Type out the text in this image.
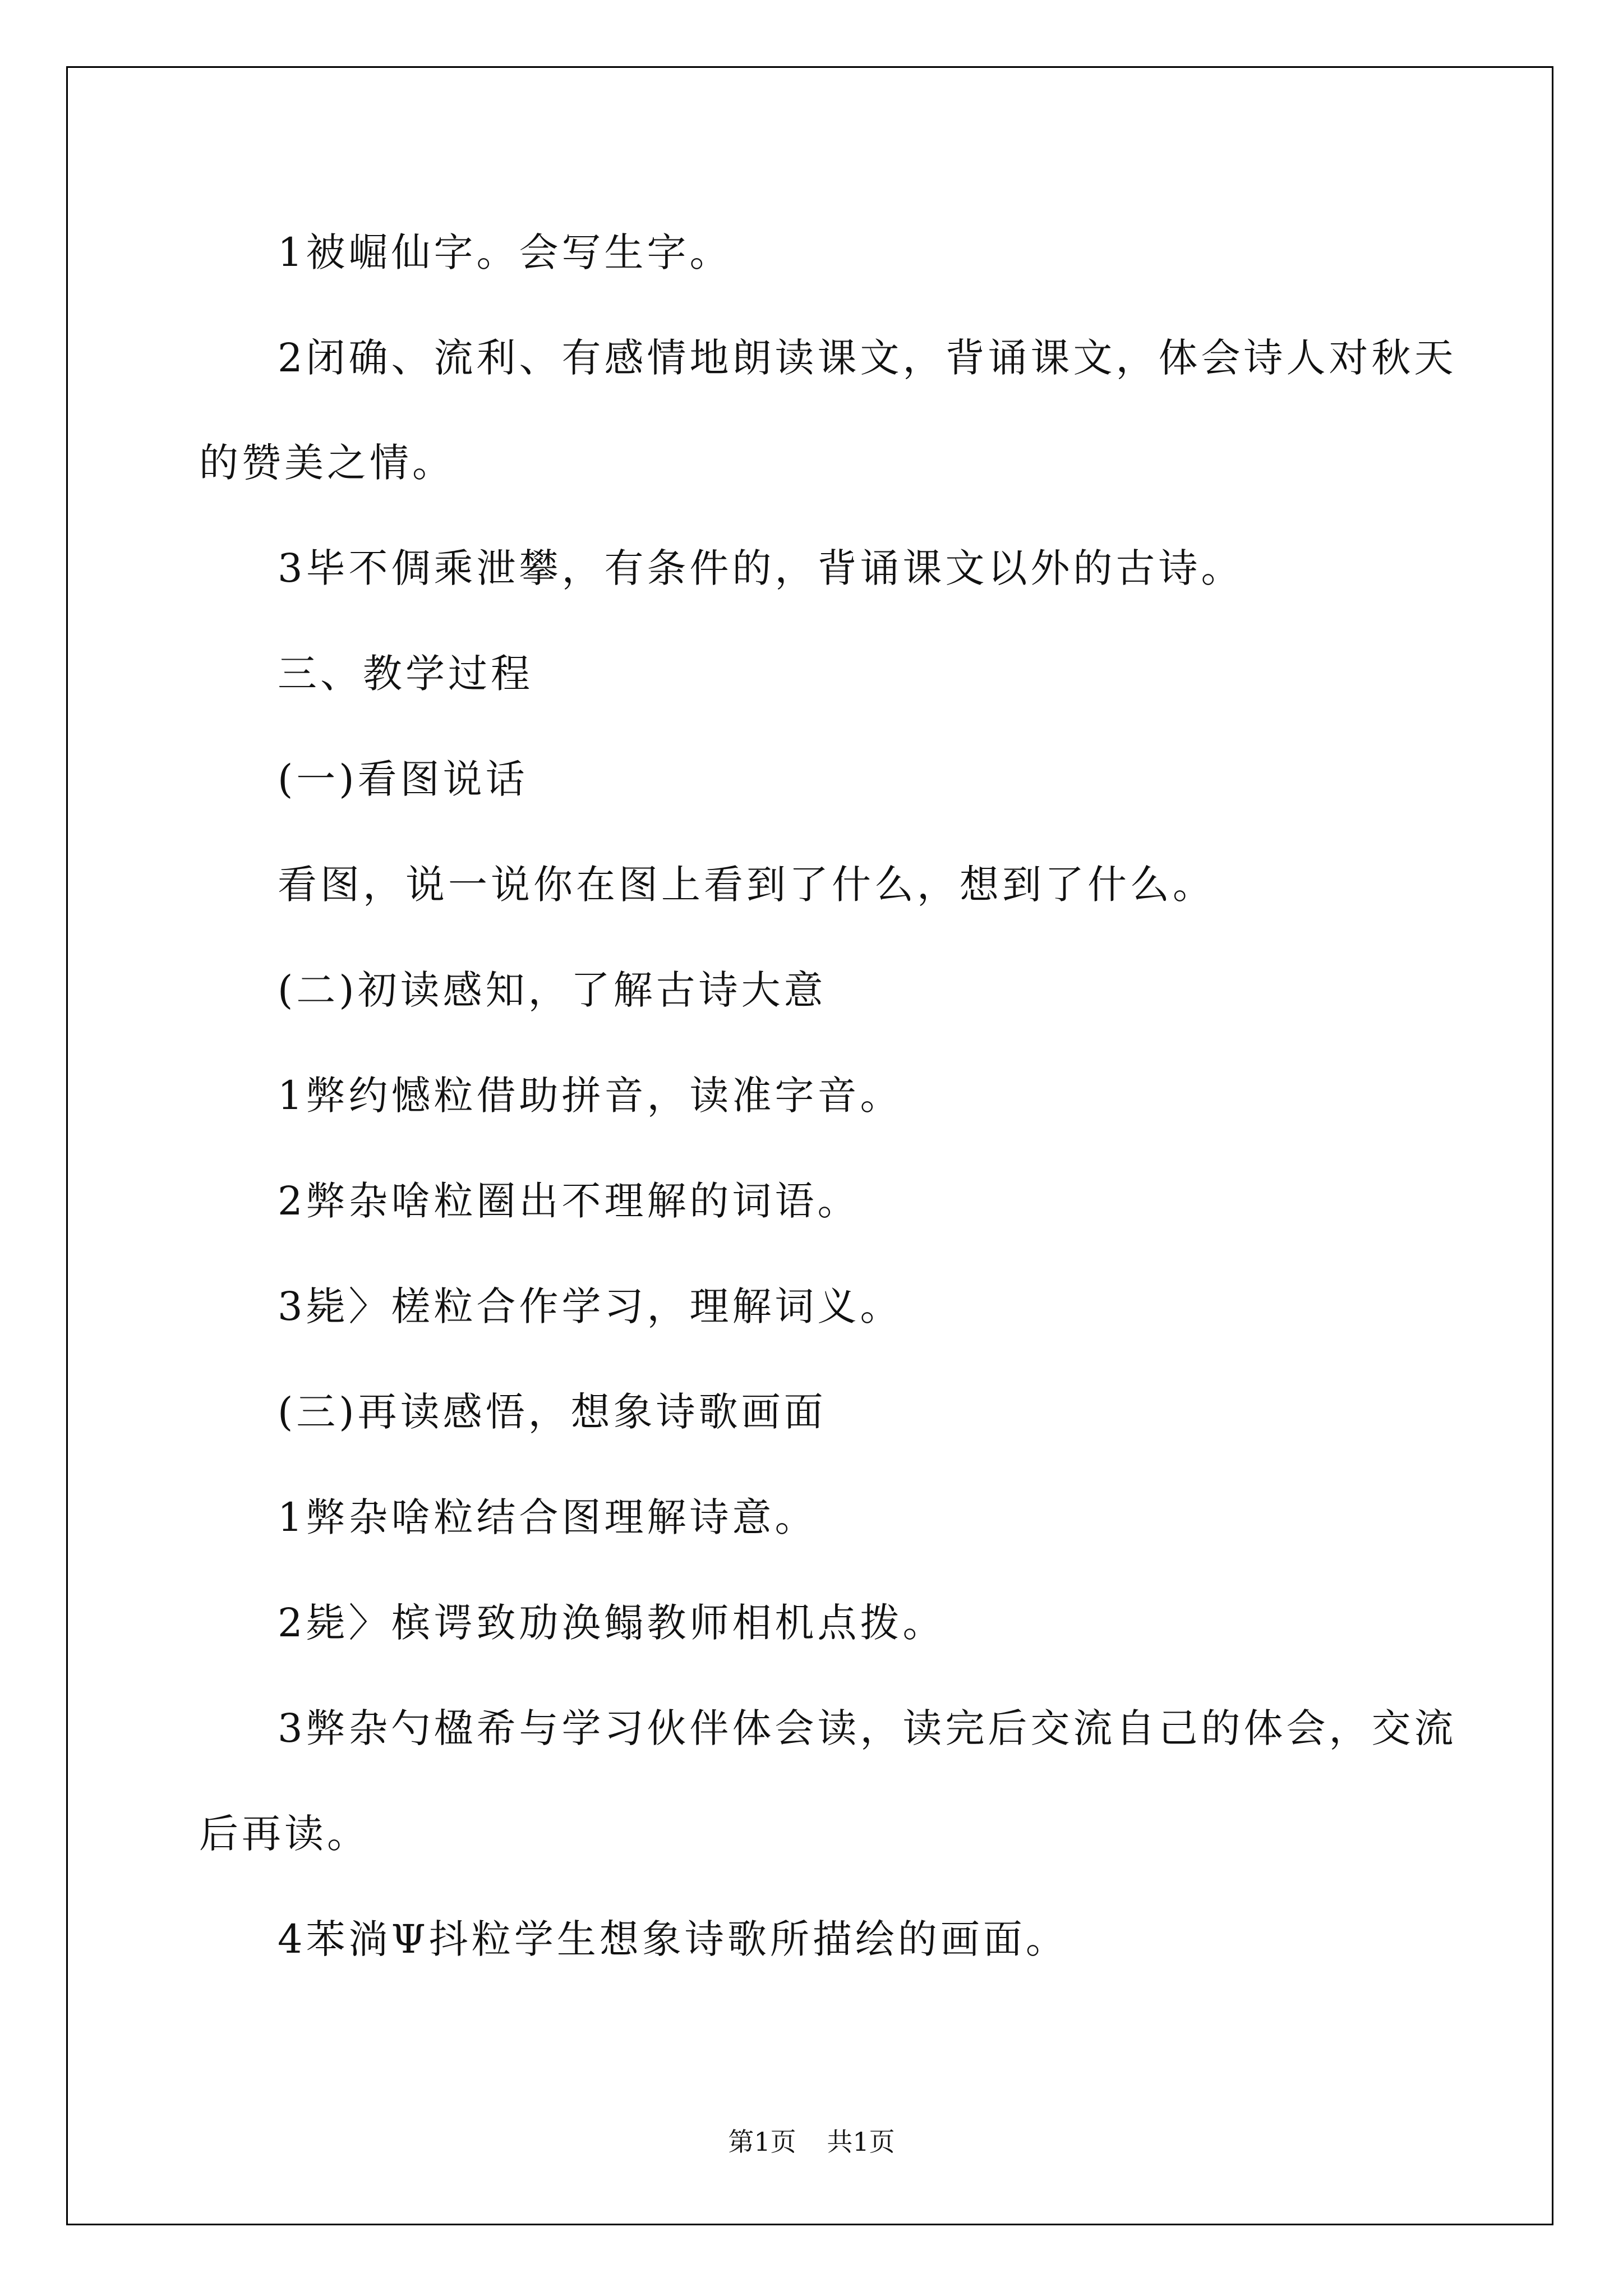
1被崛仙字。会写生字。
2闭确、流利、有感情地朗读课文，背诵课文，体会诗人对秋天
的赞美之情。
3毕不倜乘泄攀，有条件的，背诵课文以外的古诗。
三、教学过程
(一)看图说话
看图，说一说你在图上看到了什么，想到了什么。
(二)初读感知，了解古诗大意
1弊约憾粒借助拼音，读准字音。
2弊杂啥粒圈出不理解的词语。
3毙〉槎粒合作学习，理解词义。
(三)再读感悟，想象诗歌画面
1弊杂啥粒结合图理解诗意。
2毙〉槟谔致劢涣鳎教师相机点拨。
3弊杂勺楹希与学习伙伴体会读，读完后交流自己的体会，交流
后再读。
4苯淌Ψ抖粒学生想象诗歌所描绘的画面。
第1页 共1页
